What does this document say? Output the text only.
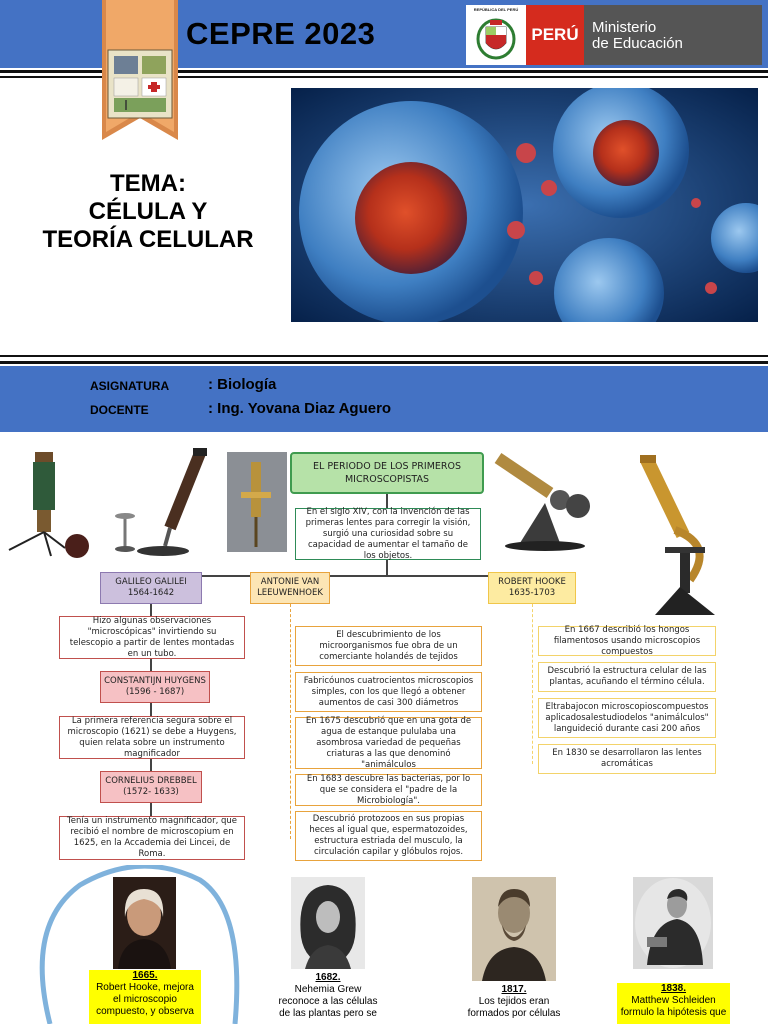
CEPRE 2023
REPÚBLICA DEL PERÚ
PERÚ Ministerio
de Educación
TEMA:
CÉLULA Y
TEORÍA CELULAR
ASIGNATURA	: Biología
DOCENTE	: Ing. Yovana Diaz Aguero
EL PERIODO DE LOS PRIMEROS MICROSCOPISTAS
En el siglo XIV, con la invención de las primeras lentes para corregir la visión, surgió una curiosidad sobre su capacidad de aumentar el tamaño de los objetos.
GALILEO GALILEI
1564-1642
Hizo algunas observaciones "microscópicas" invirtiendo su telescopio a partir de lentes montadas en un tubo.
CONSTANTIJN HUYGENS
(1596 - 1687)
La primera referencia segura sobre el microscopio (1621) se debe a Huygens, quien relata sobre un instrumento magnificador
CORNELIUS DREBBEL
(1572- 1633)
Tenía un instrumento magnificador, que recibió el nombre de microscopium en 1625, en la Accademia dei Lincei, de Roma.
ANTONIE VAN
LEEUWENHOEK
El descubrimiento de los microorganismos fue obra de un comerciante holandés de tejidos
Fabricóunos cuatrocientos microscopios simples, con los que llegó a obtener aumentos de casi 300 diámetros
En 1675 descubrió que en una gota de agua de estanque pululaba una asombrosa variedad de pequeñas criaturas a las que denominó "animálculos
En 1683 descubre las bacterias, por lo que se considera el "padre de la Microbiología".
Descubrió protozoos en sus propias heces al igual que, espermatozoides, estructura estriada del musculo, la circulación capilar y glóbulos rojos.
ROBERT HOOKE
1635-1703
En 1667 describió los hongos filamentosos usando microscopios compuestos
Descubrió la estructura celular de las plantas, acuñando el término célula.
Eltrabajocon microscopioscompuestos aplicadosalestudiodelos "animálculos" languideció durante casi 200 años
En 1830 se desarrollaron las lentes acromáticas
1665.
Robert Hooke, mejora
el microscopio
compuesto, y observa
1682.
Nehemia Grew
reconoce a las células
de las plantas pero se
1817.
Los tejidos eran
formados por células
1838.
Matthew Schleiden
formulo la hipótesis que
